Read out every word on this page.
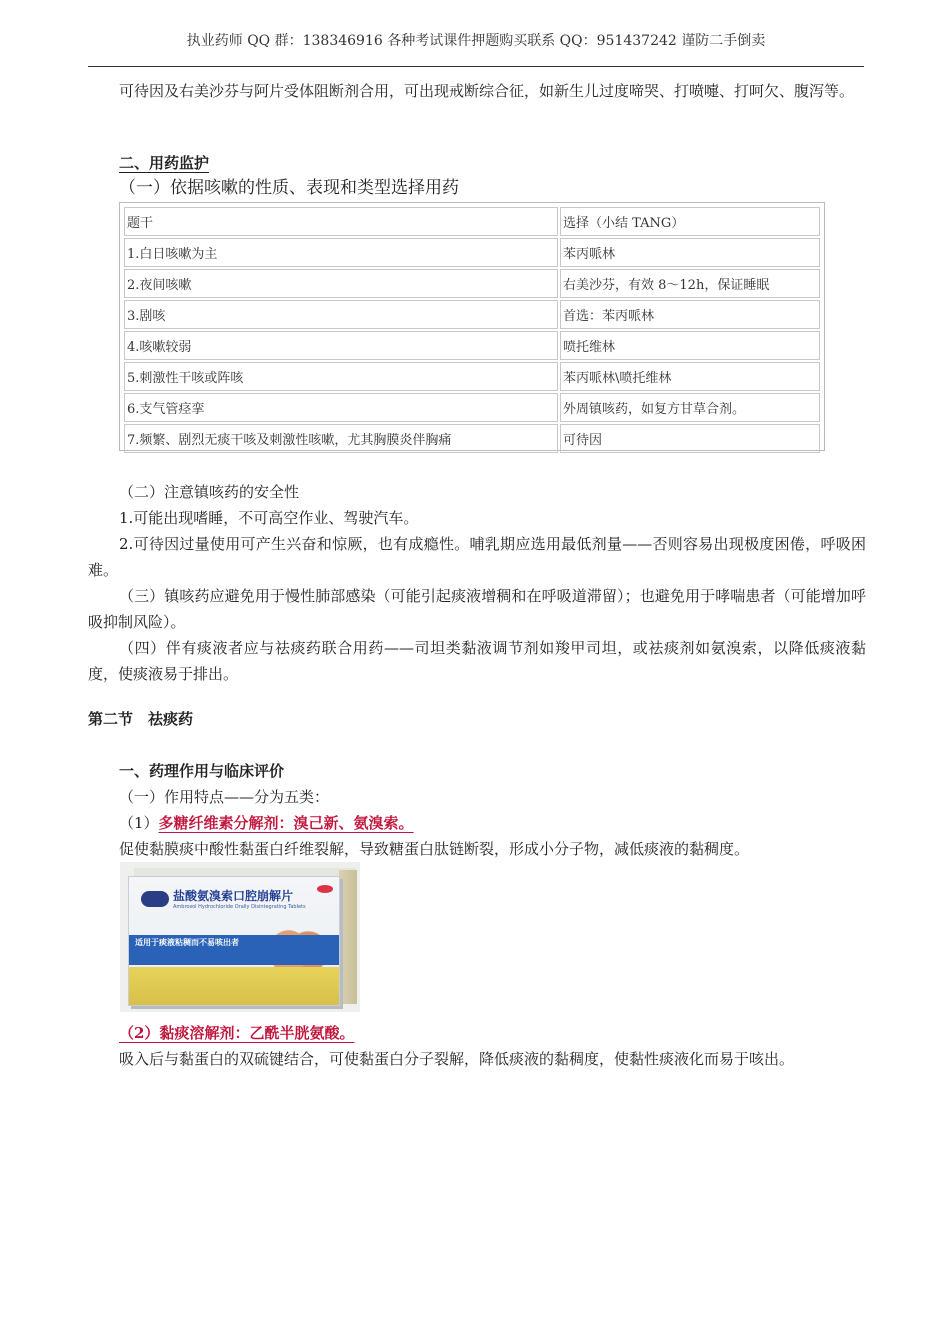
执业药师 QQ 群：138346916 各种考试课件押题购买联系 QQ：951437242 谨防二手倒卖

可待因及右美沙芬与阿片受体阻断剂合用，可出现戒断综合征，如新生儿过度啼哭、打喷嚏、打呵欠、腹泻等。

二、用药监护
（一）依据咳嗽的性质、表现和类型选择用药
题干	选择（小结 TANG）
1.白日咳嗽为主	苯丙哌林
2.夜间咳嗽	右美沙芬，有效 8～12h，保证睡眠
3.剧咳	首选：苯丙哌林
4.咳嗽较弱	喷托维林
5.刺激性干咳或阵咳	苯丙哌林\喷托维林
6.支气管痉挛	外周镇咳药，如复方甘草合剂。
7.频繁、剧烈无痰干咳及刺激性咳嗽，尤其胸膜炎伴胸痛	可待因
（二）注意镇咳药的安全性
1.可能出现嗜睡，不可高空作业、驾驶汽车。

2.可待因过量使用可产生兴奋和惊厥，也有成瘾性。哺乳期应选用最低剂量——否则容易出现极度困倦，呼吸困难。

（三）镇咳药应避免用于慢性肺部感染（可能引起痰液增稠和在呼吸道滞留）；也避免用于哮喘患者（可能增加呼吸抑制风险）。

（四）伴有痰液者应与祛痰药联合用药——司坦类黏液调节剂如羧甲司坦，或祛痰剂如氨溴索，以降低痰液黏度，使痰液易于排出。

第二节　祛痰药
一、药理作用与临床评价
（一）作用特点——分为五类：
（1）多糖纤维素分解剂：溴己新、氨溴索。
促使黏膜痰中酸性黏蛋白纤维裂解，导致糖蛋白肽链断裂，形成小分子物，减低痰液的黏稠度。
盐酸氨溴索口腔崩解片
Ambroxol Hydrochloride Orally Disintegrating Tablets
适用于痰液粘稠而不易咳出者
（2）黏痰溶解剂：乙酰半胱氨酸。
吸入后与黏蛋白的双硫键结合，可使黏蛋白分子裂解，降低痰液的黏稠度，使黏性痰液化而易于咳出。
